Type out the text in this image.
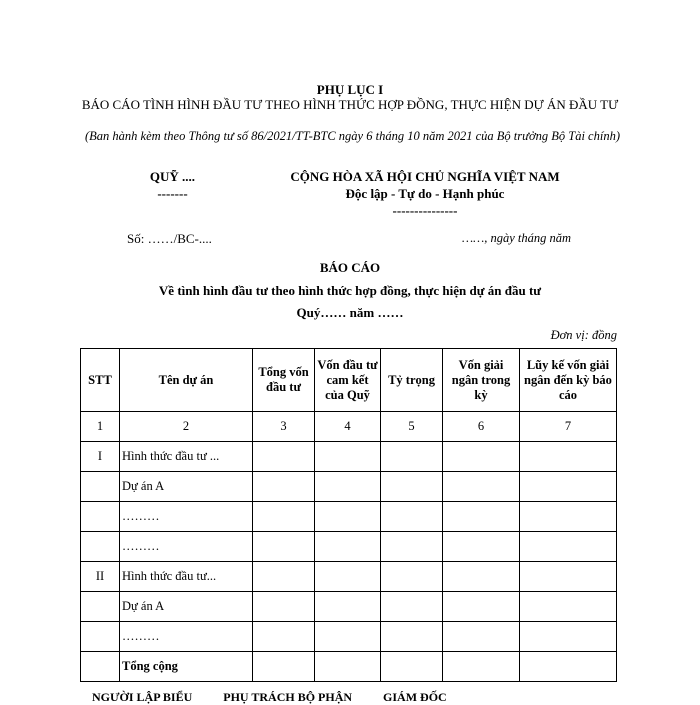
PHỤ LỤC I
BÁO CÁO TÌNH HÌNH ĐẦU TƯ THEO HÌNH THỨC HỢP ĐỒNG, THỰC HIỆN DỰ ÁN ĐẦU TƯ
(Ban hành kèm theo Thông tư số 86/2021/TT-BTC ngày 6 tháng 10 năm 2021 của Bộ trưởng Bộ Tài chính)
QUỸ ....
-------
CỘNG HÒA XÃ HỘI CHỦ NGHĨA VIỆT NAM
Độc lập - Tự do - Hạnh phúc
---------------
Số: ……/BC-....	……, ngày tháng năm
BÁO CÁO
Về tình hình đầu tư theo hình thức hợp đồng, thực hiện dự án đầu tư
Quý…… năm ……
Đơn vị: đồng
STT	Tên dự án	Tổng vốn đầu tư	Vốn đầu tư cam kết của Quỹ	Tỷ trọng	Vốn giải ngân trong kỳ	Lũy kế vốn giải ngân đến kỳ báo cáo
1	2	3	4	5	6	7
I	Hình thức đầu tư ...					
	Dự án A					
	………					
	………					
II	Hình thức đầu tư...					
	Dự án A					
	………					
	Tổng cộng					
NGƯỜI LẬP BIỂU	PHỤ TRÁCH BỘ PHẬN	GIÁM ĐỐC
